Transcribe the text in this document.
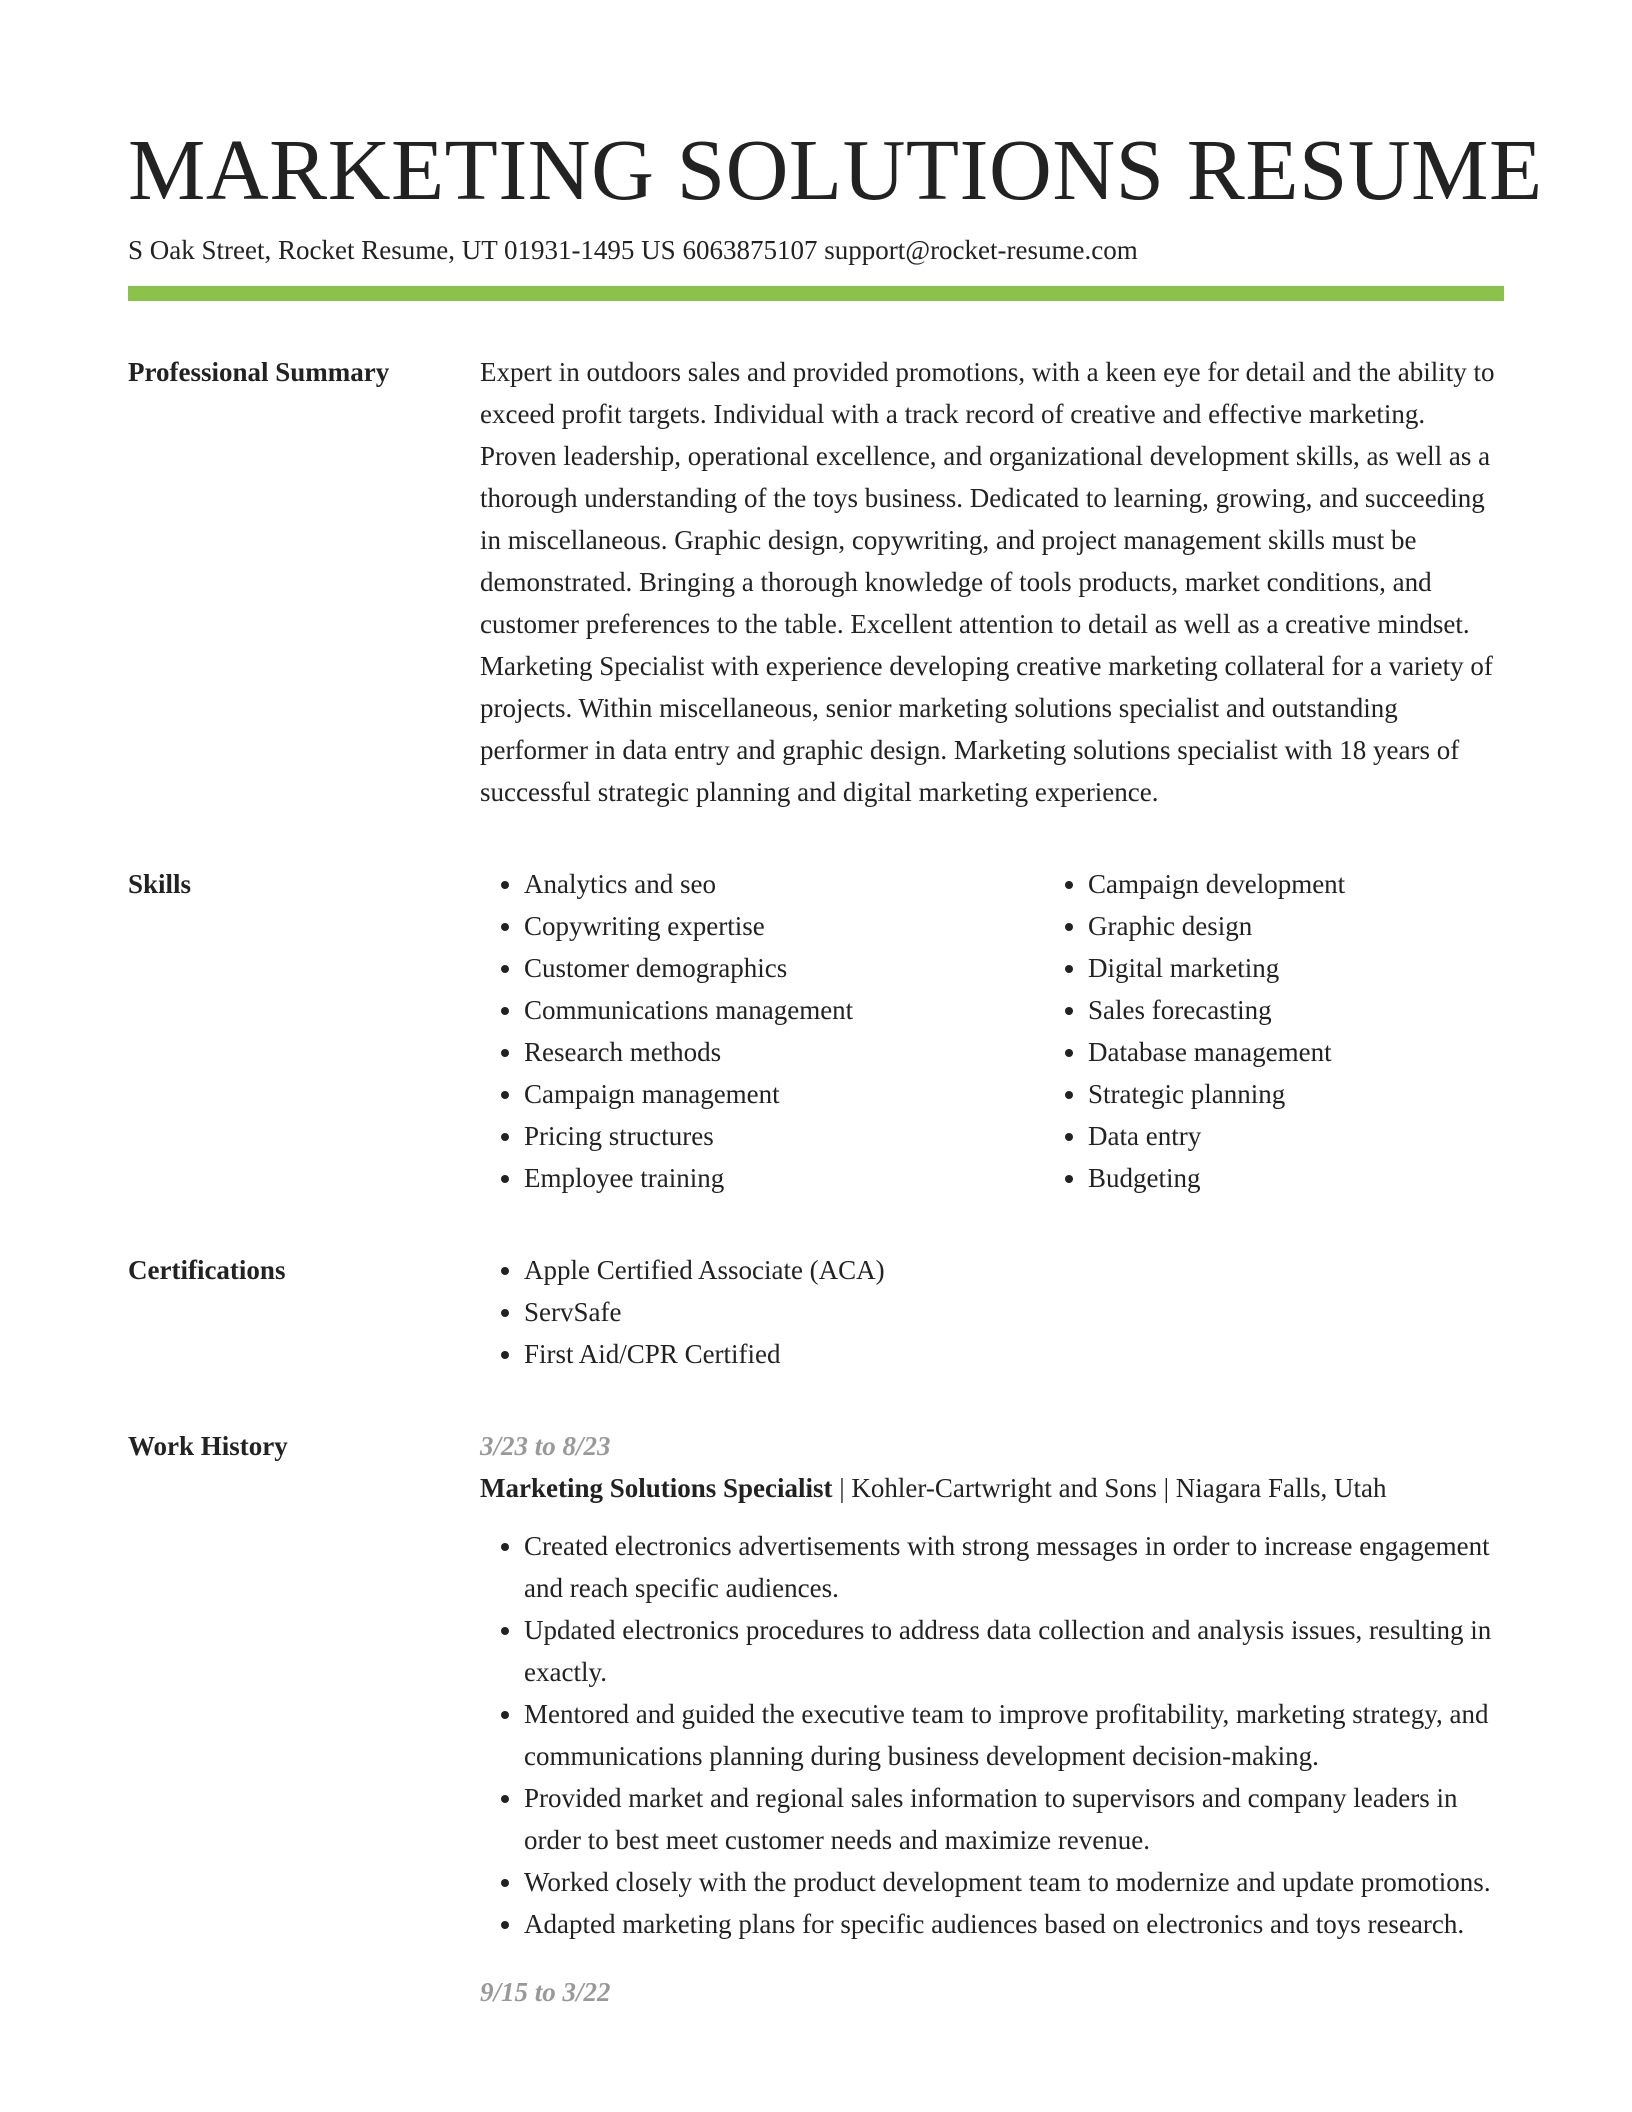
MARKETING SOLUTIONS RESUME
S Oak Street, Rocket Resume, UT 01931-1495 US 6063875107 support@rocket-resume.com
Professional Summary	Expert in outdoors sales and provided promotions, with a keen eye for detail and the ability to exceed profit targets. Individual with a track record of creative and effective marketing. Proven leadership, operational excellence, and organizational development skills, as well as a thorough understanding of the toys business. Dedicated to learning, growing, and succeeding in miscellaneous. Graphic design, copywriting, and project management skills must be demonstrated. Bringing a thorough knowledge of tools products, market conditions, and customer preferences to the table. Excellent attention to detail as well as a creative mindset. Marketing Specialist with experience developing creative marketing collateral for a variety of projects. Within miscellaneous, senior marketing solutions specialist and outstanding performer in data entry and graphic design. Marketing solutions specialist with 18 years of successful strategic planning and digital marketing experience.

Skills	• Analytics and seo
• Copywriting expertise
• Customer demographics
• Communications management
• Research methods
• Campaign management
• Pricing structures
• Employee training
• Campaign development
• Graphic design
• Digital marketing
• Sales forecasting
• Database management
• Strategic planning
• Data entry
• Budgeting
Certifications	• Apple Certified Associate (ACA)
• ServSafe
• First Aid/CPR Certified
Work History	3/23 to 8/23

Marketing Solutions Specialist | Kohler-Cartwright and Sons | Niagara Falls, Utah

• Created electronics advertisements with strong messages in order to increase engagement and reach specific audiences.
• Updated electronics procedures to address data collection and analysis issues, resulting in exactly.
• Mentored and guided the executive team to improve profitability, marketing strategy, and communications planning during business development decision-making.
• Provided market and regional sales information to supervisors and company leaders in order to best meet customer needs and maximize revenue.
• Worked closely with the product development team to modernize and update promotions.
• Adapted marketing plans for specific audiences based on electronics and toys research.
9/15 to 3/22
